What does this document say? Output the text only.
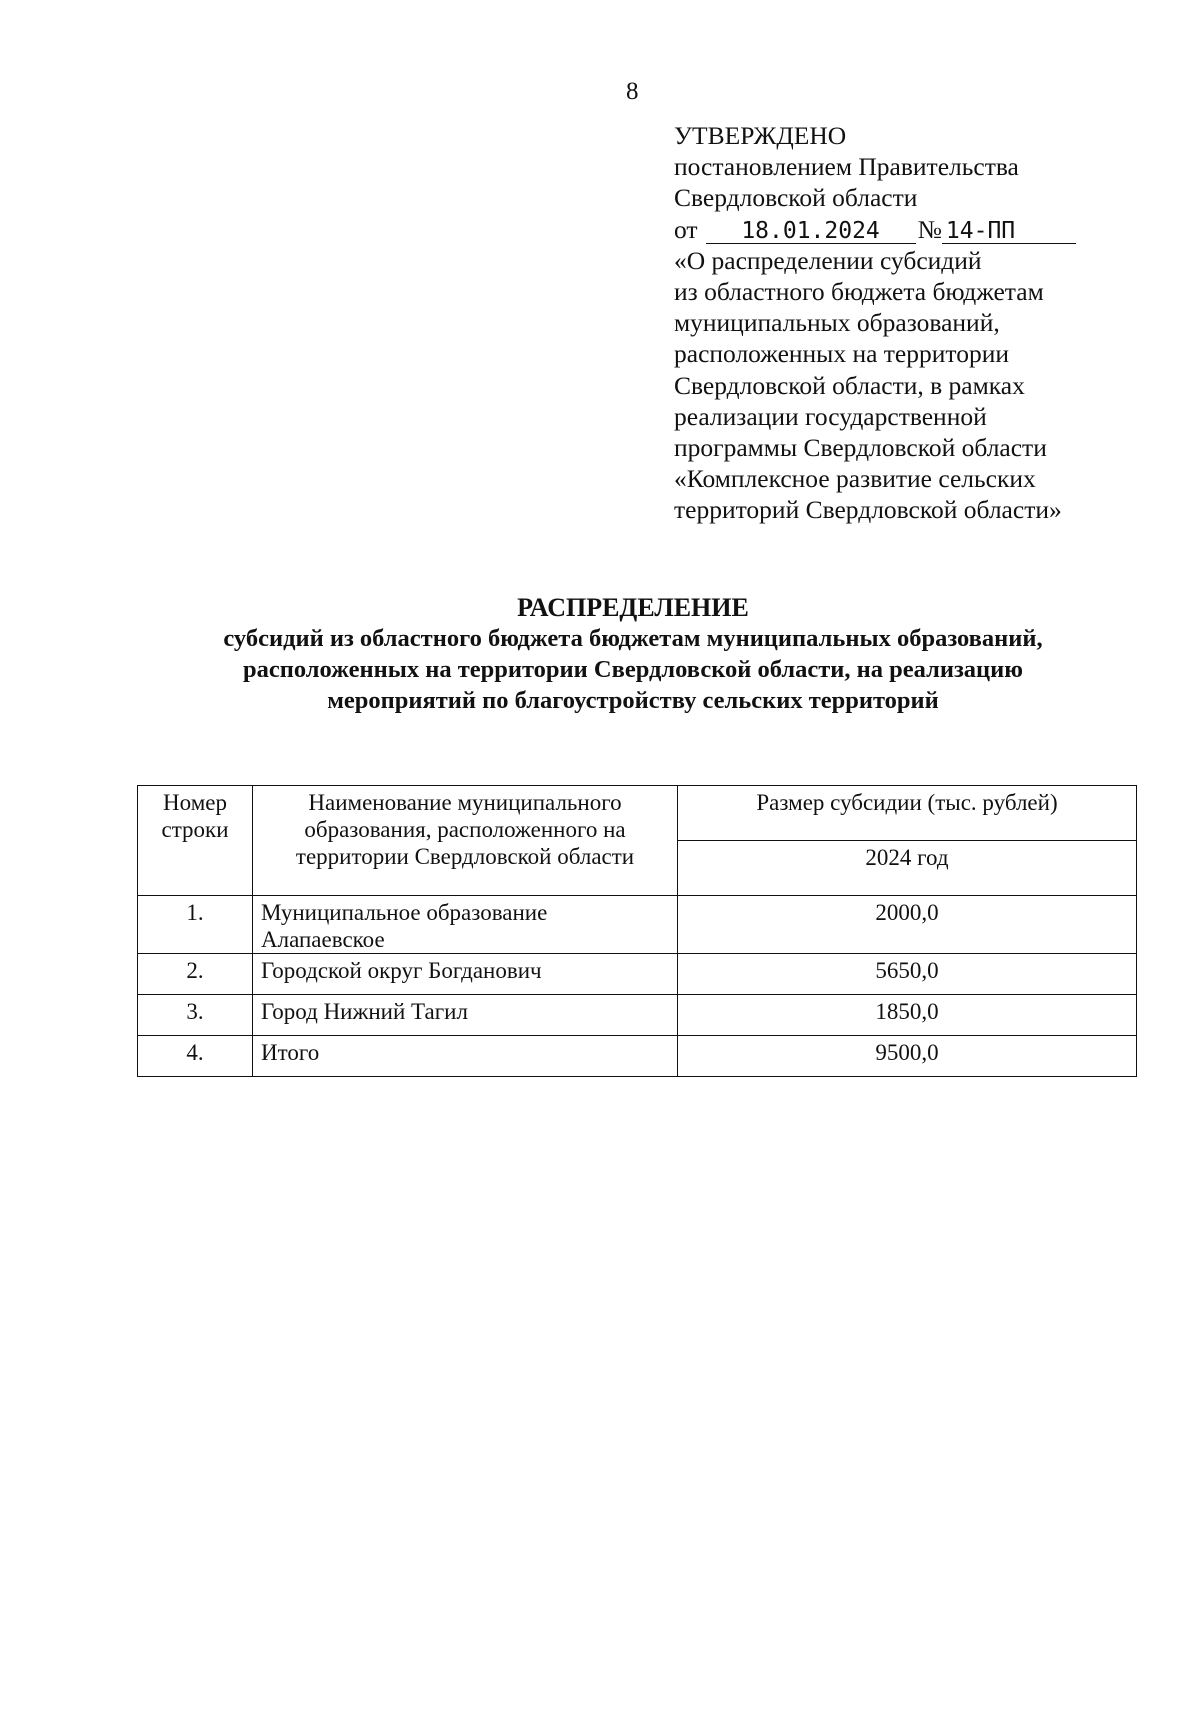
8
УТВЕРЖДЕНО
постановлением Правительства
Свердловской области
от	18.01.2024	№ 14-ПП
«О распределении субсидий
из областного бюджета бюджетам
муниципальных образований,
расположенных на территории
Свердловской области, в рамках
реализации государственной
программы Свердловской области
«Комплексное развитие сельских
территорий Свердловской области»
РАСПРЕДЕЛЕНИЕ
субсидий из областного бюджета бюджетам муниципальных образований,
расположенных на территории Свердловской области, на реализацию
мероприятий по благоустройству сельских территорий
Номер строки	Наименование муниципального образования, расположенного на территории Свердловской области	Размер субсидии (тыс. рублей)
		2024 год
1.	Муниципальное образование Алапаевское	2000,0
2.	Городской округ Богданович	5650,0
3.	Город Нижний Тагил	1850,0
4.	Итого	9500,0
